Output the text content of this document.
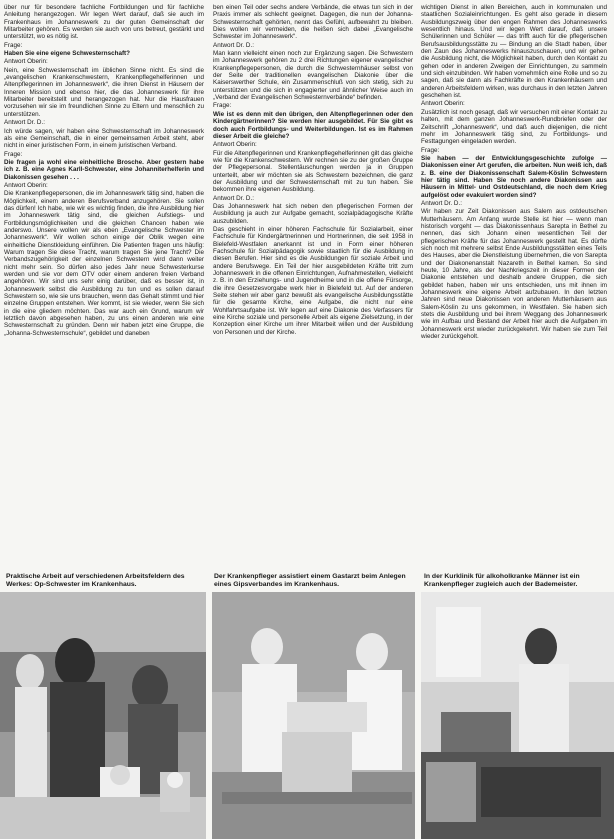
über nur für besondere fachliche Fortbildungen und für fachliche Anleitung herangezogen. Wir legen Wert darauf, daß sie auch im Frankenhaus im Johanneswerk zu der guten Gemeinschaft der Mitarbeiter gehören. Es werden sie auch von uns betreut, gestärkt und unterstützt, wo es nötig ist.

Frage:

Haben Sie eine eigene Schwesternschaft?

Antwort Oberin:

Nein, eine Schwesternschaft im üblichen Sinne nicht. Es sind die „evangelischen Krankenschwestern, Krankenpflegehelferinnen und Altenpflegerinnen im Johanneswerk“, die ihren Dienst in Häusern der Inneren Mission und ebenso hier, die das Johanneswerk für ihre Mitarbeiter bereitstellt und herangezogen hat. Nur die Hausfrauen vorzusehen wir sie im freundlichen Sinne zu Eltern und menschlich zu unterstützen.

Antwort Dr. D.:

Ich würde sagen, wir haben eine Schwesternschaft im Johanneswerk als eine Gemeinschaft, die in einer gemeinsamen Arbeit steht, aber nicht in einer juristischen Form, in einem juristischen Verband.

Frage:

Die fragen ja wohl eine einheitliche Brosche. Aber gestern habe ich z. B. eine Agnes Karll-Schwester, eine Johanniterhelferin und Diakonissen gesehen . . .

Antwort Oberin:

Die Krankenpflegepersonen, die im Johanneswerk tätig sind, haben die Möglichkeit, einem anderen Berufsverband anzugehören. Sie sollen das dürfen! Ich habe, wie wir es wichtig finden, die ihre Ausbildung hier im Johanneswerk tätig sind, die gleichen Aufstiegs- und Fortbildungsmöglichkeiten und die gleichen Chancen haben wie anderswo. Unsere wollen wir als eben „Evangelische Schwester im Johanneswerk“. Wir wollen schon einige der Oblik wegen eine einheitliche Dienstkleidung einführen. Die Patienten fragen uns häufig: Warum tragen Sie diese Tracht, warum tragen Sie jene Tracht? Die Verbandszugehörigkeit der einzelnen Schwestern wird dann weiter nicht mehr sein. So dürfen also jedes Jahr neue Schwesterkurse werden und sie vor dem OTV oder einem anderen freien Verband angehören. Wir sind uns sehr einig darüber, daß es besser ist, in Johanneswerk selbst die Ausbildung zu tun und es sollen darauf Schwestern so, wie sie uns brauchen, wenn das Gehalt stimmt und hier einzelne Gruppen entstehen. Wer kommt, ist sie wieder, wenn Sie sich in die eine gliedern möchten. Das war auch ein Grund, warum wir letztlich davon abgesehen haben, zu uns einen anderen wie eine Schwesternschaft zu gründen. Denn wir haben jetzt eine Gruppe, die „Johanna-Schwesternschule“, gebildet und daneben

ben einen Teil oder sechs andere Verbände, die etwas tun sich in der Praxis immer als schlecht geeignet. Dagegen, die nun der Johanna-Schwesternschaft gehörten, nennt das Gefühl, aufbewahrt zu bleiben. Dies wollen wir vermeiden, die heißen sich dabei „Evangelische Schwester im Johanneswerk“.

Antwort Dr. D.:

Man kann vielleicht einen noch zur Ergänzung sagen. Die Schwestern im Johanneswerk gehören zu 2 drei Richtungen eigener evangelischer Krankenpflegepersonen, die durch die Schwesternhäuser selbst von der Seite der traditionellen evangelischen Diakonie über die Kaiserswerther Schule, ein Zusammenschluß von sich stetig, sich zu unterstützen und die sich in engagierter und ähnlicher Weise auch im „Verband der Evangelischen Schwesternverbände“ befinden.

Frage:

Wie ist es denn mit den übrigen, den Altenpflegerinnen oder den Kindergärtnerinnen? Sie werden hier ausgebildet. Für Sie gibt es doch auch Fortbildungs- und Weiterbildungen. Ist es im Rahmen dieser Arbeit die gleiche?

Antwort Oberin:

Für die Altenpflegerinnen und Krankenpflegehelferinnen gilt das gleiche wie für die Krankenschwestern. Wir rechnen sie zu der großen Gruppe der Pflegepersonal. Stellentäuschungen werden ja in Gruppen unterteilt, aber wir möchten sie als Schwestern bezeichnen, die ganz der Ausbildung und der Schwesternschaft mit zu tun haben. Sie bekommen ihre eigenen Ausbildung.

Antwort Dr. D.:

Das Johanneswerk hat sich neben den pflegerischen Formen der Ausbildung ja auch zur Aufgabe gemacht, sozialpädagogische Kräfte auszubilden.

Das geschieht in einer höheren Fachschule für Sozialarbeit, einer Fachschule für Kindergärtnerinnen und Hortnerinnen, die seit 1958 in Bielefeld-Westfalen anerkannt ist und in Form einer höheren Fachschule für Sozialpädagogik sowie staatlich für die Ausbildung in diesen Berufen. Hier sind es die Ausbildungen für soziale Arbeit und andere Berufswege. Ein Teil der hier ausgebildeten Kräfte tritt zum Johanneswerk in die offenen Einrichtungen, Aufnahmestellen, vielleicht z. B. in den Erziehungs- und Jugendheime und in die offene Fürsorge, die ihre Gesetzesvorgabe werk hier in Bielefeld tut. Auf der anderen Seite stehen wir aber ganz bewußt als evangelische Ausbildungsstätte für die gesamte Kirche, eine Aufgabe, die nicht nur eine Wohlfahrtsaufgabe ist. Wir legen auf eine Diakonie des Verfassers für eine Kirche soziale und personelle Arbeit als eigene Zielsetzung, in der Konzeption einer Kirche um ihrer Mitarbeit willen und der Ausbildung von Personen und der Kirche.

wichtigen Dienst in allen Bereichen, auch in kommunalen und staatlichen Sozialeinrichtungen. Es geht also gerade in diesem Ausbildungszweig über den engen Rahmen des Johanneswerks wesentlich hinaus. Und wir legen Wert darauf, daß unsere Schülerinnen und Schüler — das trifft auch für die pflegerischen Berufsausbildungsstätte zu — Bindung an die Stadt haben, über den Zaun des Johanneswerks hinauszuschauen, und wir gehen die Ausbildung nicht, die Möglichkeit haben, durch den Kontakt zu gehen oder in anderen Zweigen der Einrichtungen, zu sammeln und sich einzubinden. Wir haben vornehmlich eine Rolle und so zu sagen, daß sie dann als Fachkräfte in den Krankenhäusern und anderen Arbeitsfeldern wirken, was durchaus in den letzten Jahren geschehen ist.

Antwort Oberin:

Zusätzlich ist noch gesagt, daß wir versuchen mit einer Kontakt zu halten, mit dem ganzen Johanneswerk-Rundbriefen oder der Zeitschrift „Johanneswerk“, und daß auch diejenigen, die nicht mehr im Johanneswerk tätig sind, zu Fortbildungs- und Festtagungen eingeladen werden.

Frage:

Sie haben — der Entwicklungsgeschichte zufolge — Diakonissen einer Art gerufen, die arbeiten. Nun weiß ich, daß z. B. eine der Diakonissenschaft Salem-Köslin Schwestern hier tätig sind. Haben Sie noch andere Diakonissen aus Häusern in Mittel- und Ostdeutschland, die noch dem Krieg aufgelöst oder evakuiert worden sind?

Antwort Dr. D.:

Wir haben zur Zeit Diakonissen aus Salem aus ostdeutschen Mutterhäusern. Am Anfang wurde Stelle ist hier — wenn man historisch vorgeht — das Diakonissenhaus Sarepta in Bethel zu nennen, das sich Johann einen wesentlichen Teil der pflegerischen Kräfte für das Johanneswerk gestellt hat. Es dürfte sich noch mit mehrere selbst Ende Ausbildungsstätten eines Teils des Hauses, aber die Dienstleistung übernehmen, die von Sarepta und der Diakonenanstalt Nazareth in Bethel kamen. So sind heute, 10 Jahre, als der Nachkriegszeit in dieser Formen der Diakonie entstehen und deshalb andere Gruppen, die sich gebildet haben, haben wir uns entschieden, uns mit ihnen im Johanneswerk eine eigene Arbeit aufzubauen. In den letzten Jahren sind neue Diakonissen von anderen Mutterhäusern aus Salem-Köslin zu uns gekommen, in Westfalen. Sie haben sich stets die Ausbildung und bei ihrem Weggang des Johanneswerk wie im Aufbau und Bestand der Arbeit hier auch die Aufgaben im Johanneswerk erst wieder zurückgekehrt. Wir haben sie zum Teil wieder zurückgeholt.

Praktische Arbeit auf verschiedenen Arbeitsfeldern des Werkes: Op-Schwester im Krankenhaus.
Der Krankenpfleger assistiert einem Gastarzt beim Anlegen eines Gipsverbandes im Krankenhaus.
In der Kurklinik für alkoholkranke Männer ist ein Krankenpfleger zugleich auch der Bademeister.
